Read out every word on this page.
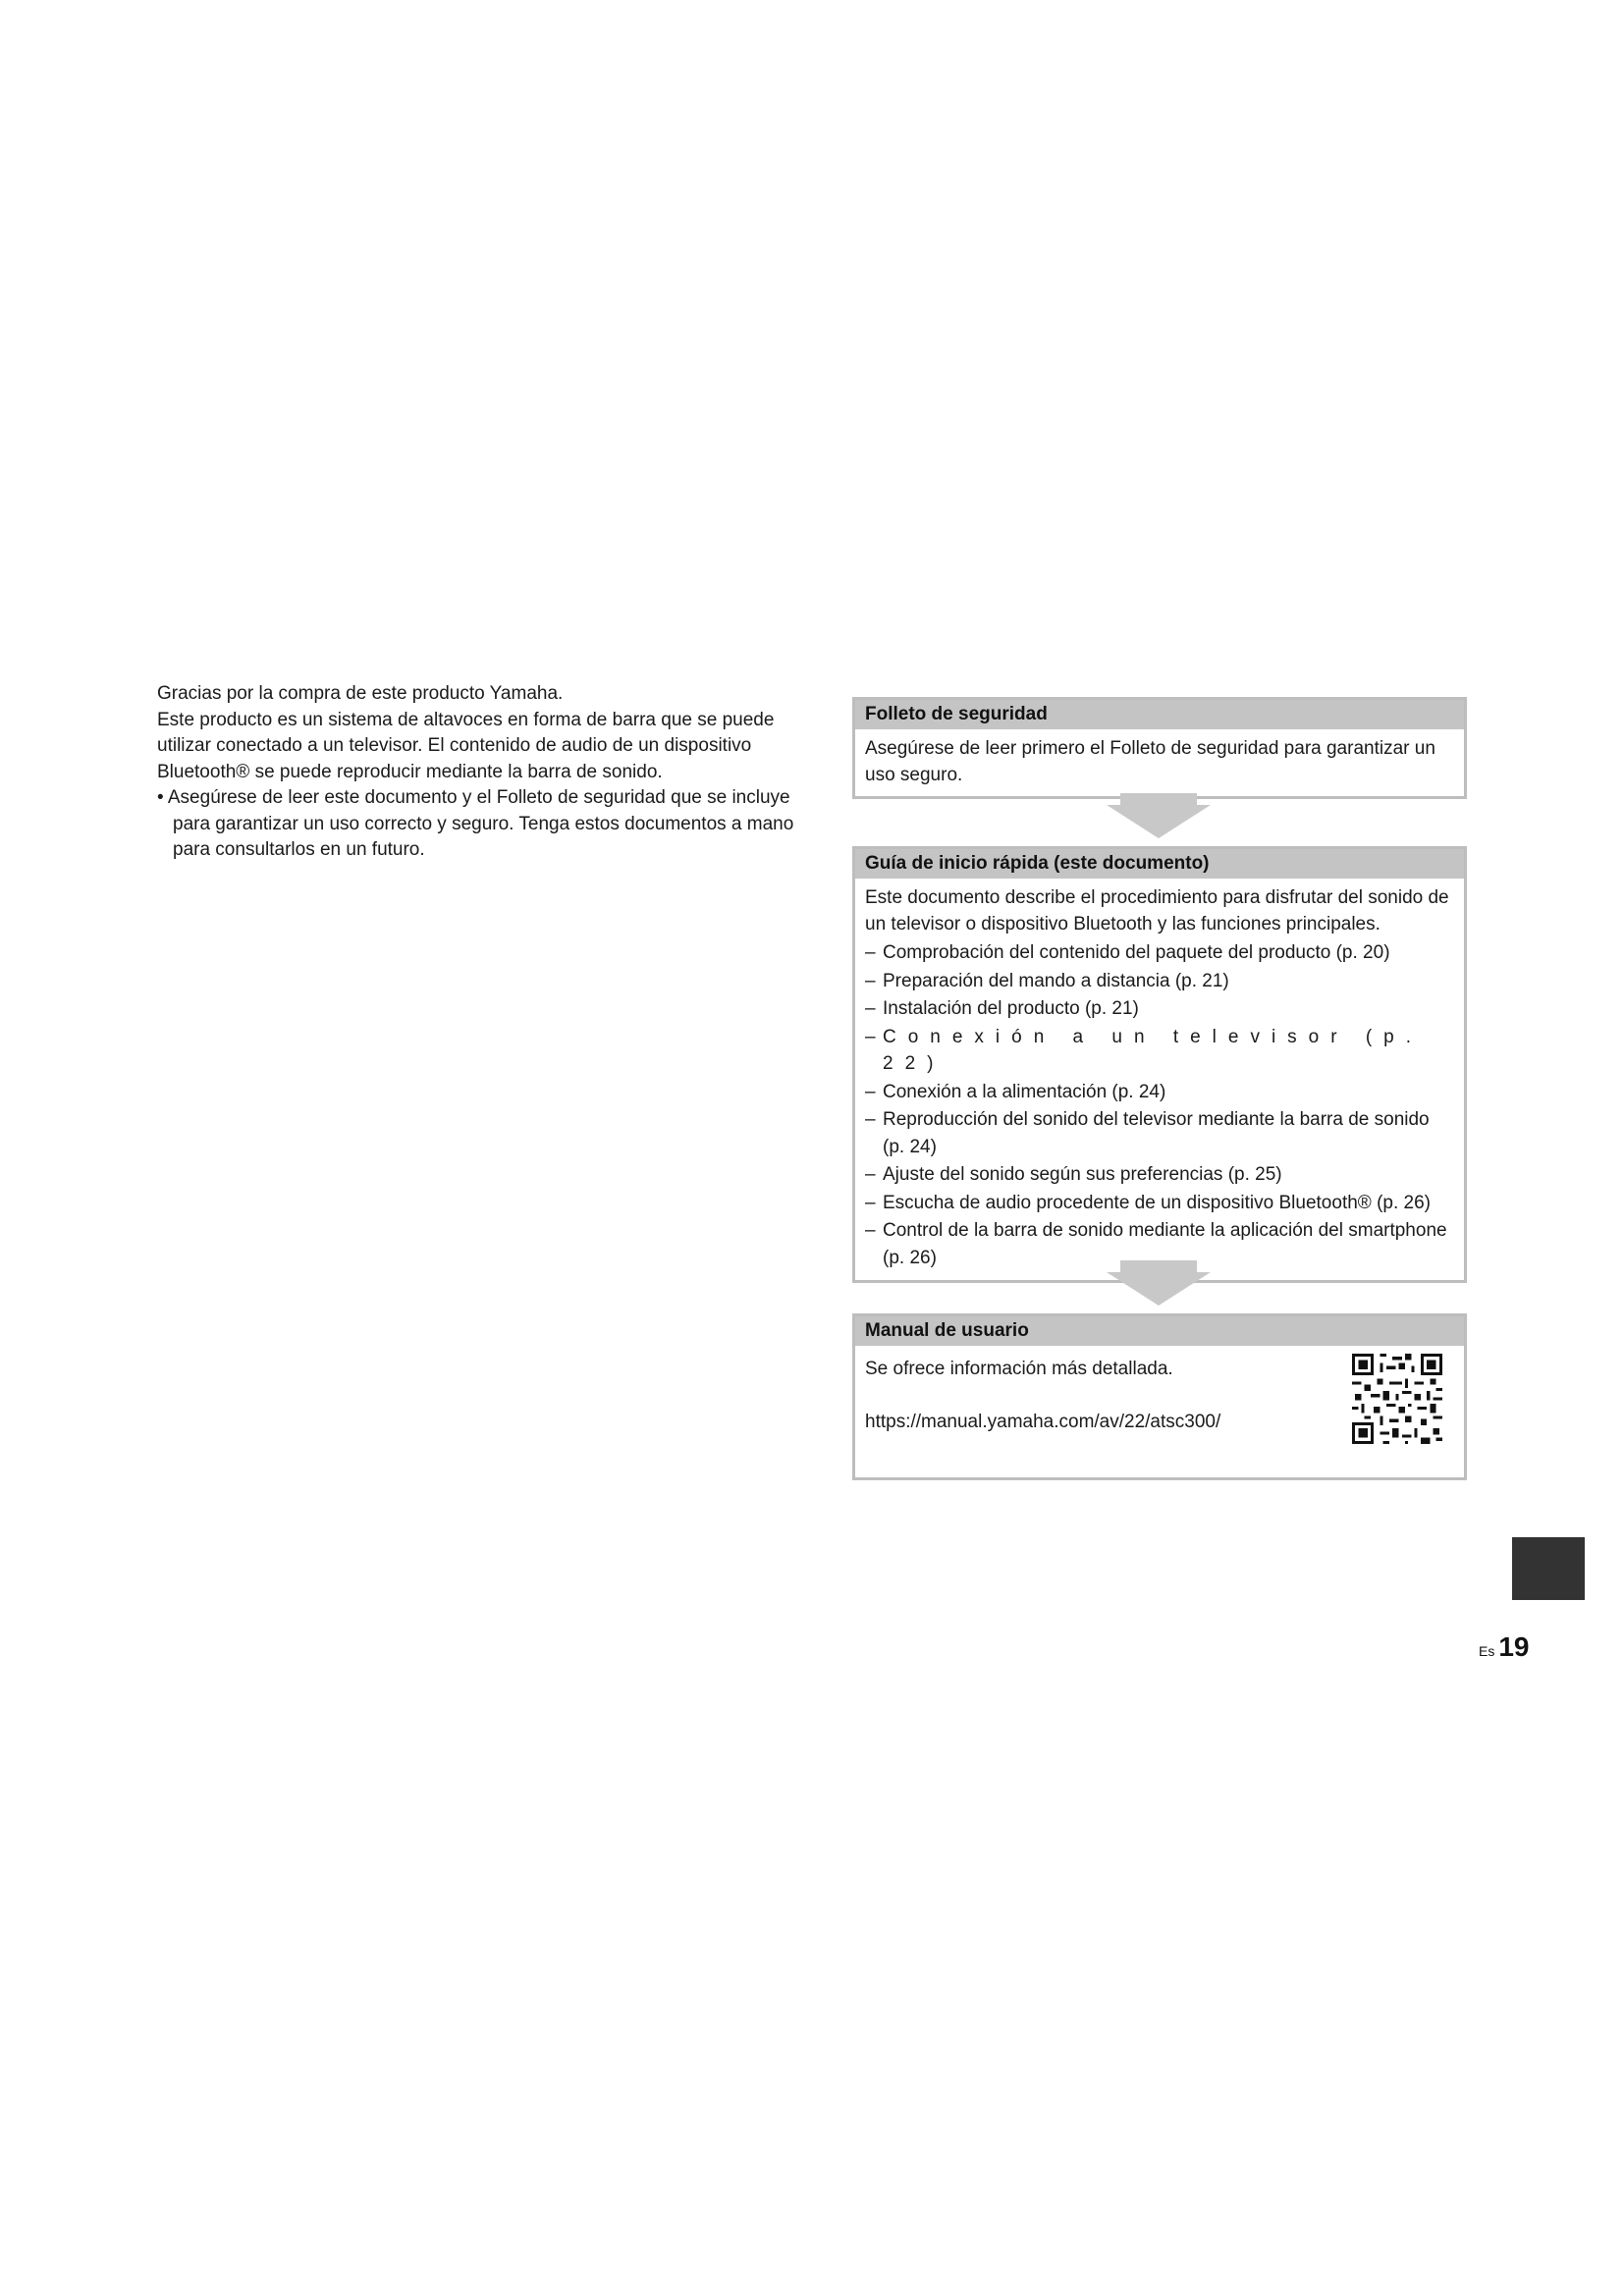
Gracias por la compra de este producto Yamaha.

Este producto es un sistema de altavoces en forma de barra que se puede utilizar conectado a un televisor. El contenido de audio de un dispositivo Bluetooth® se puede reproducir mediante la barra de sonido.

• Asegúrese de leer este documento y el Folleto de seguridad que se incluye para garantizar un uso correcto y seguro. Tenga estos documentos a mano para consultarlos en un futuro.

Folleto de seguridad

Asegúrese de leer primero el Folleto de seguridad para garantizar un uso seguro.

Guía de inicio rápida (este documento)

Este documento describe el procedimiento para disfrutar del sonido de un televisor o dispositivo Bluetooth y las funciones principales.

– Comprobación del contenido del paquete del producto (p. 20)
– Preparación del mando a distancia (p. 21)
– Instalación del producto (p. 21)
– Conexión a un televisor (p. 22)
– Conexión a la alimentación (p. 24)
– Reproducción del sonido del televisor mediante la barra de sonido (p. 24)
– Ajuste del sonido según sus preferencias (p. 25)
– Escucha de audio procedente de un dispositivo Bluetooth® (p. 26)
– Control de la barra de sonido mediante la aplicación del smartphone (p. 26)
Manual de usuario
Se ofrece información más detallada.
https://manual.yamaha.com/av/22/atsc300/
Es 19
